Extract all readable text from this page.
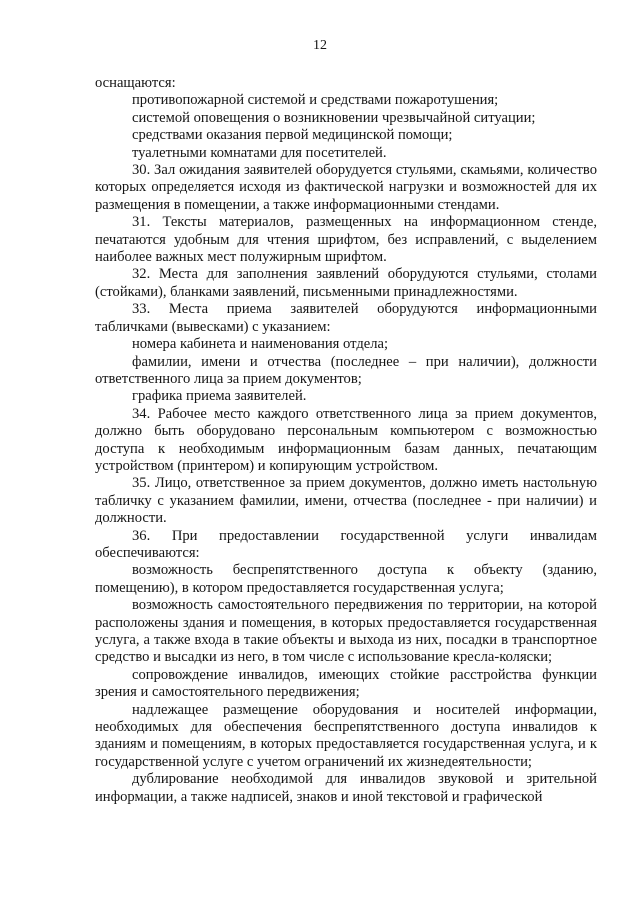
12

оснащаются:

противопожарной системой и средствами пожаротушения;

системой оповещения о возникновении чрезвычайной ситуации;

средствами оказания первой медицинской помощи;

туалетными комнатами для посетителей.

30. Зал ожидания заявителей оборудуется стульями, скамьями, количество которых определяется исходя из фактической нагрузки и возможностей для их размещения в помещении, а также информационными стендами.

31. Тексты материалов, размещенных на информационном стенде, печатаются удобным для чтения шрифтом, без исправлений, с выделением наиболее важных мест полужирным шрифтом.

32. Места для заполнения заявлений оборудуются стульями, столами (стойками), бланками заявлений, письменными принадлежностями.

33. Места приема заявителей оборудуются информационными табличками (вывесками) с указанием:

номера кабинета и наименования отдела;

фамилии, имени и отчества (последнее – при наличии), должности ответственного лица за прием документов;

графика приема заявителей.

34. Рабочее место каждого ответственного лица за прием документов, должно быть оборудовано персональным компьютером с возможностью доступа к необходимым информационным базам данных, печатающим устройством (принтером) и копирующим устройством.

35. Лицо, ответственное за прием документов, должно иметь настольную табличку с указанием фамилии, имени, отчества (последнее - при наличии) и должности.

36. При предоставлении государственной услуги инвалидам обеспечиваются:

возможность беспрепятственного доступа к объекту (зданию, помещению), в котором предоставляется государственная услуга;

возможность самостоятельного передвижения по территории, на которой расположены здания и помещения, в которых предоставляется государственная услуга, а также входа в такие объекты и выхода из них, посадки в транспортное средство и высадки из него, в том числе с использование кресла-коляски;

сопровождение инвалидов, имеющих стойкие расстройства функции зрения и самостоятельного передвижения;

надлежащее размещение оборудования и носителей информации, необходимых для обеспечения беспрепятственного доступа инвалидов к зданиям и помещениям, в которых предоставляется государственная услуга, и к государственной услуге с учетом ограничений их жизнедеятельности;

дублирование необходимой для инвалидов звуковой и зрительной информации, а также надписей, знаков и иной текстовой и графической
